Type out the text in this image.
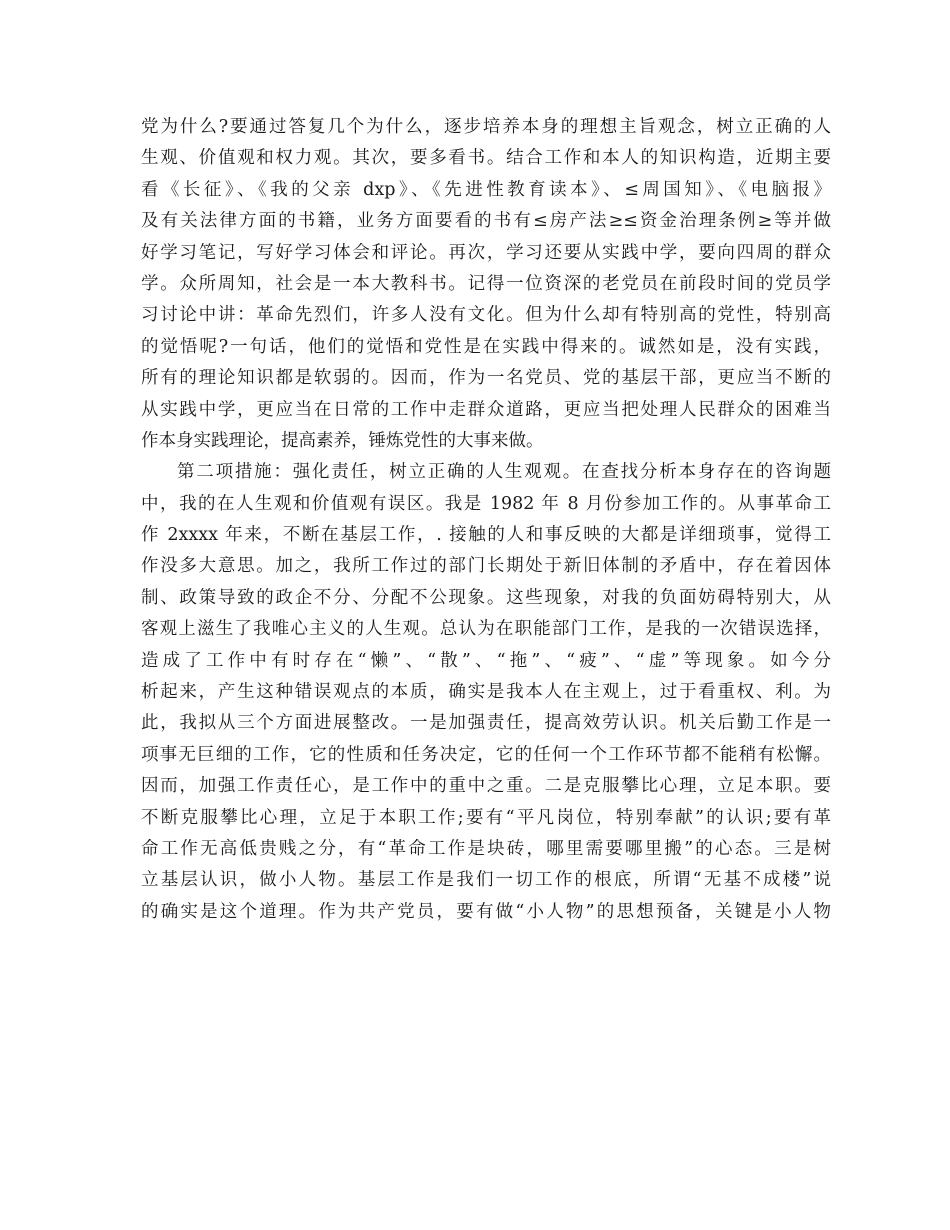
党为什么?要通过答复几个为什么，逐步培养本身的理想主旨观念，树立正确的人
生观、价值观和权力观。其次，要多看书。结合工作和本人的知识构造，近期主要
看《长征》、《我的父亲 dxp》、《先进性教育读本》、≤周国知》、《电脑报》
及有关法律方面的书籍，业务方面要看的书有≤房产法≥≤资金治理条例≥等并做
好学习笔记，写好学习体会和评论。再次，学习还要从实践中学，要向四周的群众
学。众所周知，社会是一本大教科书。记得一位资深的老党员在前段时间的党员学
习讨论中讲：革命先烈们，许多人没有文化。但为什么却有特别高的党性，特别高
的觉悟呢?一句话，他们的觉悟和党性是在实践中得来的。诚然如是，没有实践，
所有的理论知识都是软弱的。因而，作为一名党员、党的基层干部，更应当不断的
从实践中学，更应当在日常的工作中走群众道路，更应当把处理人民群众的困难当
作本身实践理论，提高素养，锤炼党性的大事来做。
第二项措施：强化责任，树立正确的人生观观。在查找分析本身存在的咨询题
中，我的在人生观和价值观有误区。我是 1982 年 8 月份参加工作的。从事革命工
作 2xxxx 年来，不断在基层工作，. 接触的人和事反映的大都是详细琐事，觉得工
作没多大意思。加之，我所工作过的部门长期处于新旧体制的矛盾中，存在着因体
制、政策导致的政企不分、分配不公现象。这些现象，对我的负面妨碍特别大，从
客观上滋生了我唯心主义的人生观。总认为在职能部门工作，是我的一次错误选择，
造成了工作中有时存在“懒”、“散”、“拖”、“疲”、“虚”等现象。如今分
析起来，产生这种错误观点的本质，确实是我本人在主观上，过于看重权、利。为
此，我拟从三个方面进展整改。一是加强责任，提高效劳认识。机关后勤工作是一
项事无巨细的工作，它的性质和任务决定，它的任何一个工作环节都不能稍有松懈。
因而，加强工作责任心，是工作中的重中之重。二是克服攀比心理，立足本职。要
不断克服攀比心理，立足于本职工作;要有“平凡岗位，特别奉献”的认识;要有革
命工作无高低贵贱之分，有“革命工作是块砖，哪里需要哪里搬”的心态。三是树
立基层认识，做小人物。基层工作是我们一切工作的根底，所谓“无基不成楼”说
的确实是这个道理。作为共产党员，要有做“小人物”的思想预备，关键是小人物
